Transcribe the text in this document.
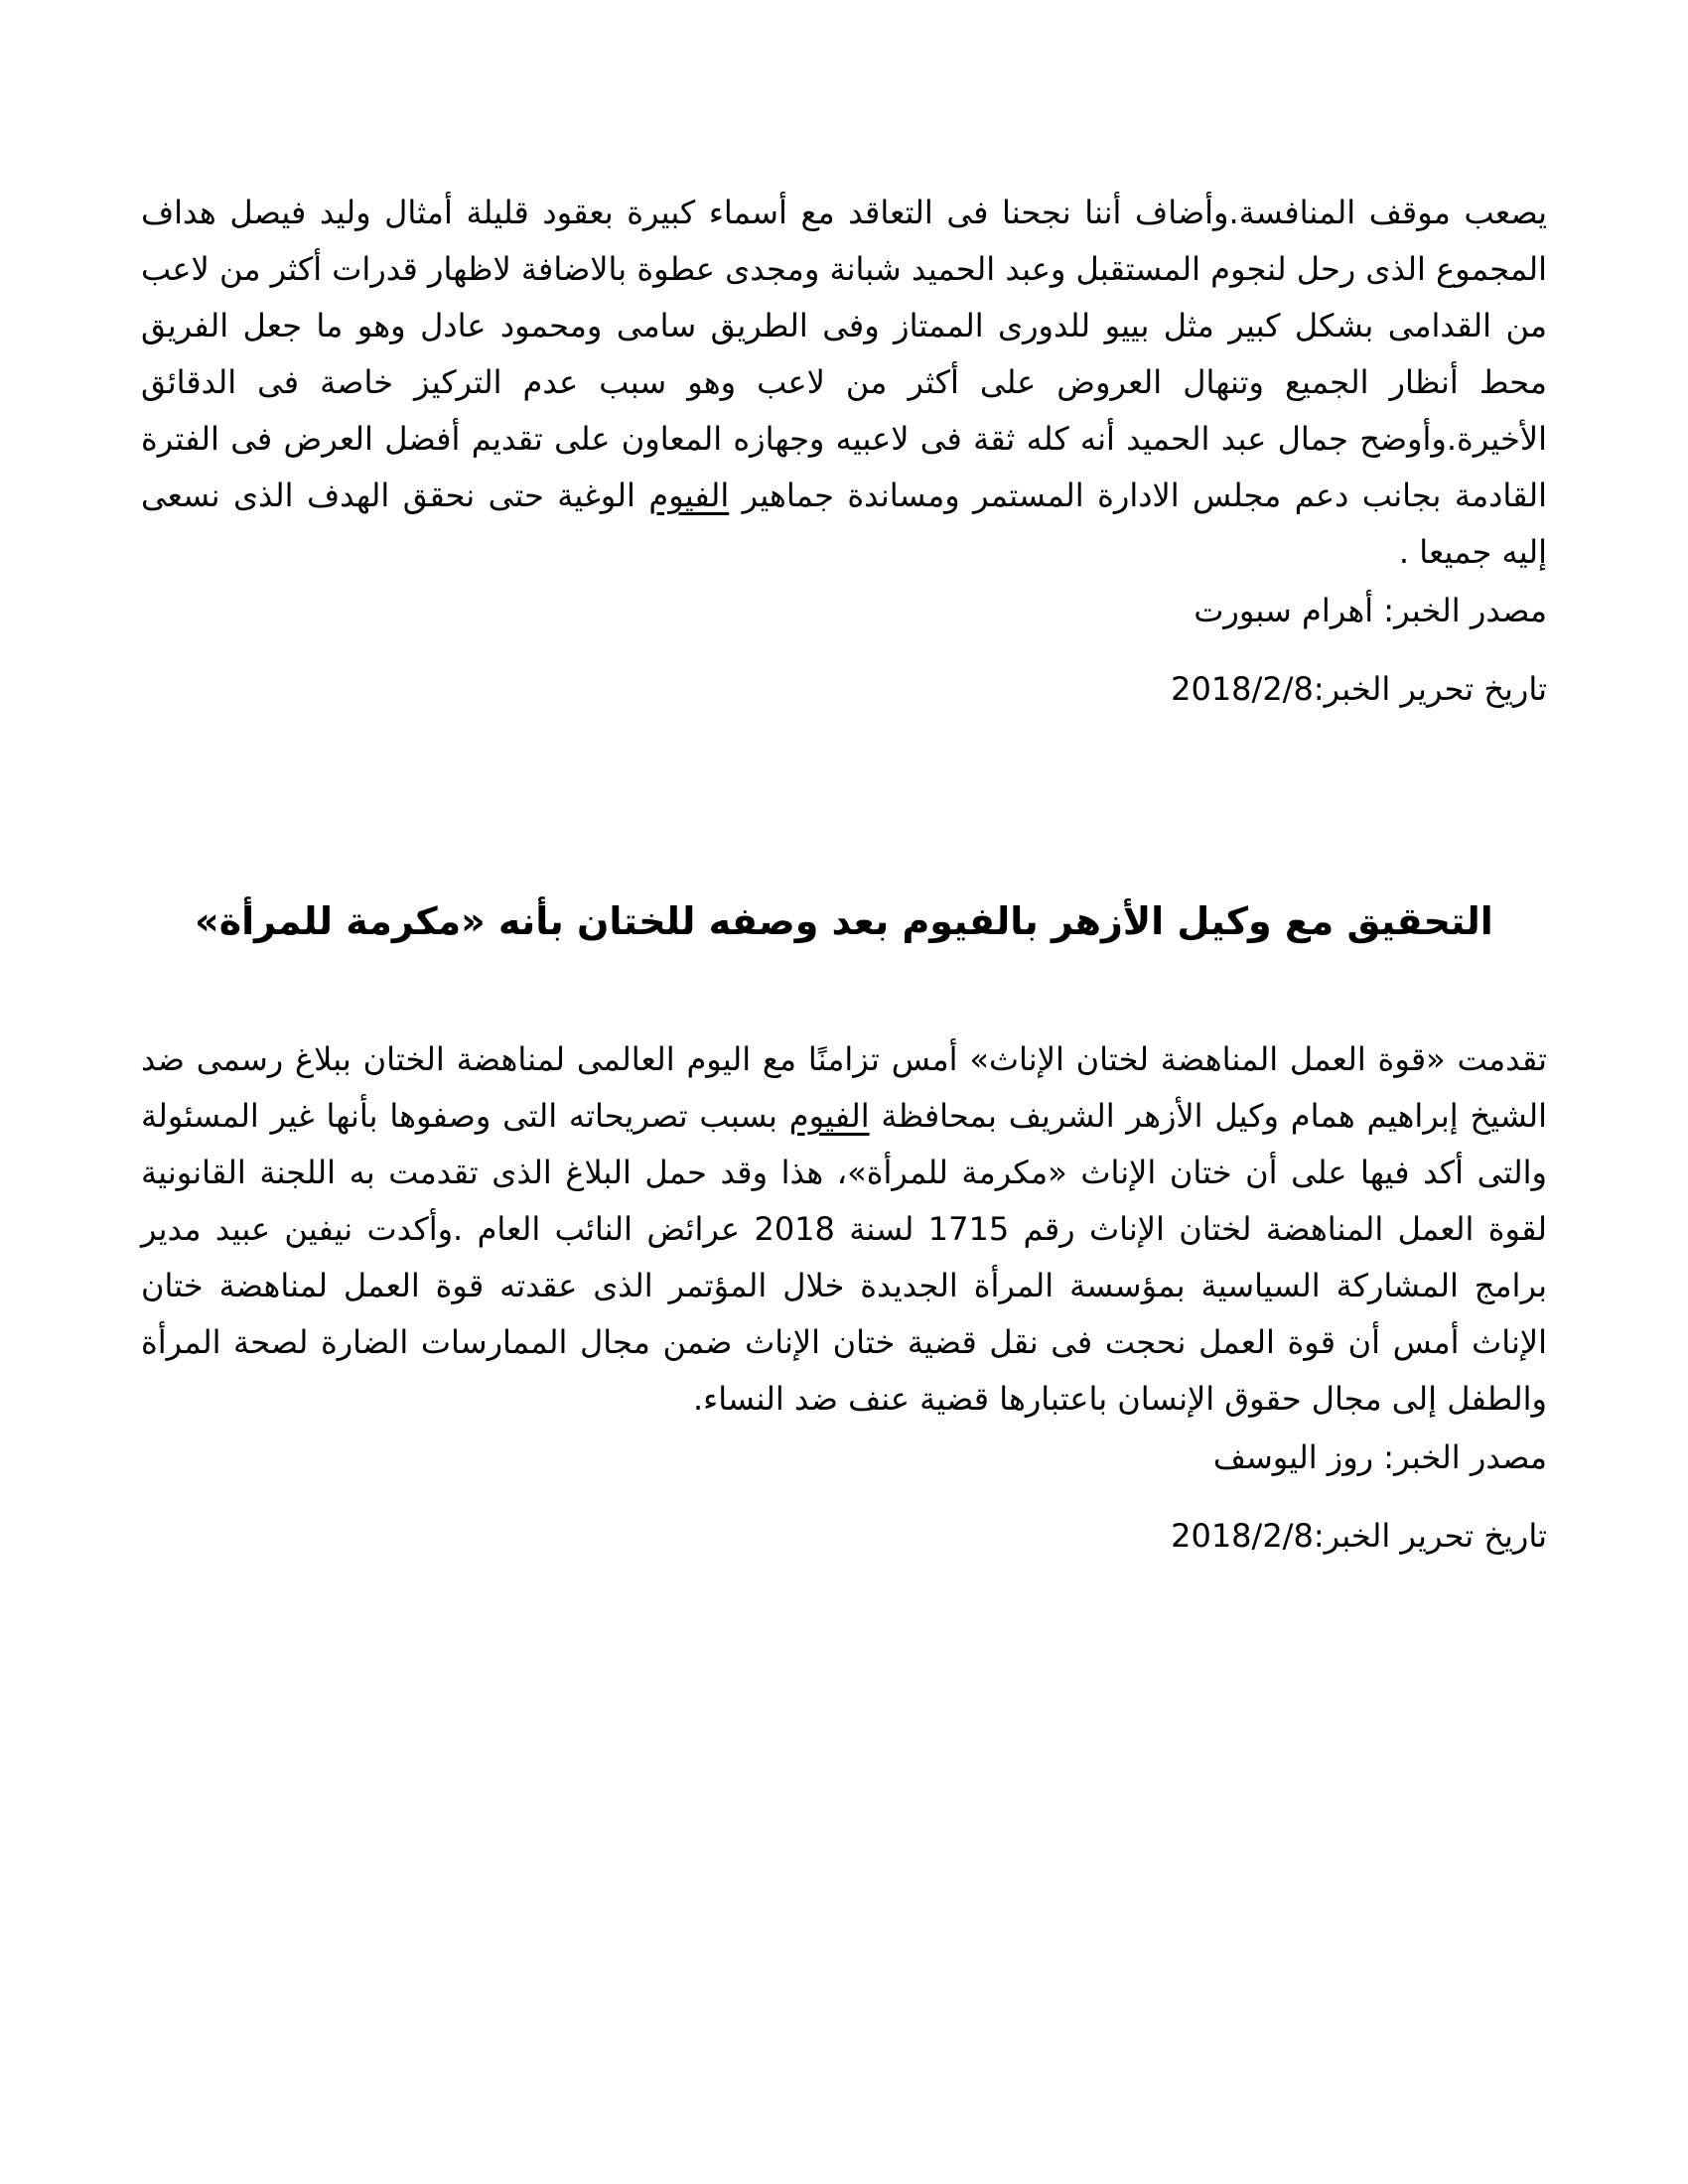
يصعب موقف المنافسة.وأضاف أننا نجحنا فى التعاقد مع أسماء كبيرة بعقود قليلة أمثال وليد فيصل هداف المجموع الذى رحل لنجوم المستقبل وعبد الحميد شبانة ومجدى عطوة بالاضافة لاظهار قدرات أكثر من لاعب من القدامى بشكل كبير مثل بييو للدورى الممتاز وفى الطريق سامى ومحمود عادل وهو ما جعل الفريق محط أنظار الجميع وتنهال العروض على أكثر من لاعب وهو سبب عدم التركيز خاصة فى الدقائق الأخيرة.وأوضح جمال عبد الحميد أنه كله ثقة فى لاعبيه وجهازه المعاون على تقديم أفضل العرض فى الفترة القادمة بجانب دعم مجلس الادارة المستمر ومساندة جماهير الفيوم الوغية حتى نحقق الهدف الذى نسعى إليه جميعا .

مصدر الخبر: أهرام سبورت

تاريخ تحرير الخبر:2018/2/8

التحقيق مع وكيل الأزهر بالفيوم بعد وصفه للختان بأنه «مكرمة للمرأة»

تقدمت «قوة العمل المناهضة لختان الإناث» أمس تزامنًا مع اليوم العالمى لمناهضة الختان ببلاغ رسمى ضد الشيخ إبراهيم همام وكيل الأزهر الشريف بمحافظة الفيوم بسبب تصريحاته التى وصفوها بأنها غير المسئولة والتى أكد فيها على أن ختان الإناث «مكرمة للمرأة»، هذا وقد حمل البلاغ الذى تقدمت به اللجنة القانونية لقوة العمل المناهضة لختان الإناث رقم 1715 لسنة 2018 عرائض النائب العام .وأكدت نيفين عبيد مدير برامج المشاركة السياسية بمؤسسة المرأة الجديدة خلال المؤتمر الذى عقدته قوة العمل لمناهضة ختان الإناث أمس أن قوة العمل نحجت فى نقل قضية ختان الإناث ضمن مجال الممارسات الضارة لصحة المرأة والطفل إلى مجال حقوق الإنسان باعتبارها قضية عنف ضد النساء.

مصدر الخبر: روز اليوسف

تاريخ تحرير الخبر:2018/2/8
